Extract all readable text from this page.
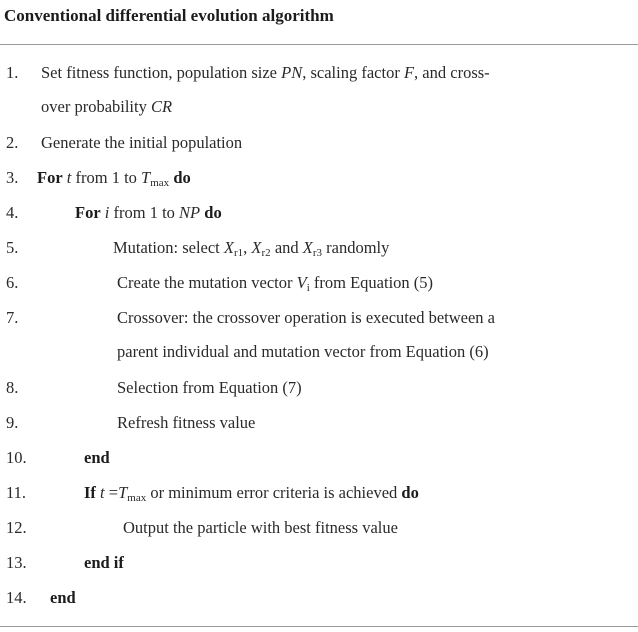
Conventional differential evolution algorithm
1. Set fitness function, population size PN, scaling factor F, and cross-
over probability CR
2. Generate the initial population
3. For t from 1 to $T_{max}$ do
4.	For i from 1 to NP do
5.	Mutation: select $X_{r1}$, $X_{r2}$ and $X_{r3}$ randomly
6.	Create the mutation vector $V_i$ from Equation (5)
7.	Crossover: the crossover operation is executed between a
parent individual and mutation vector from Equation (6)
8.	Selection from Equation (7)
9.	Refresh fitness value
10.	end
11.	If $t =T_{max}$ or minimum error criteria is achieved do
12.	Output the particle with best fitness value
13.	end if
14. end
